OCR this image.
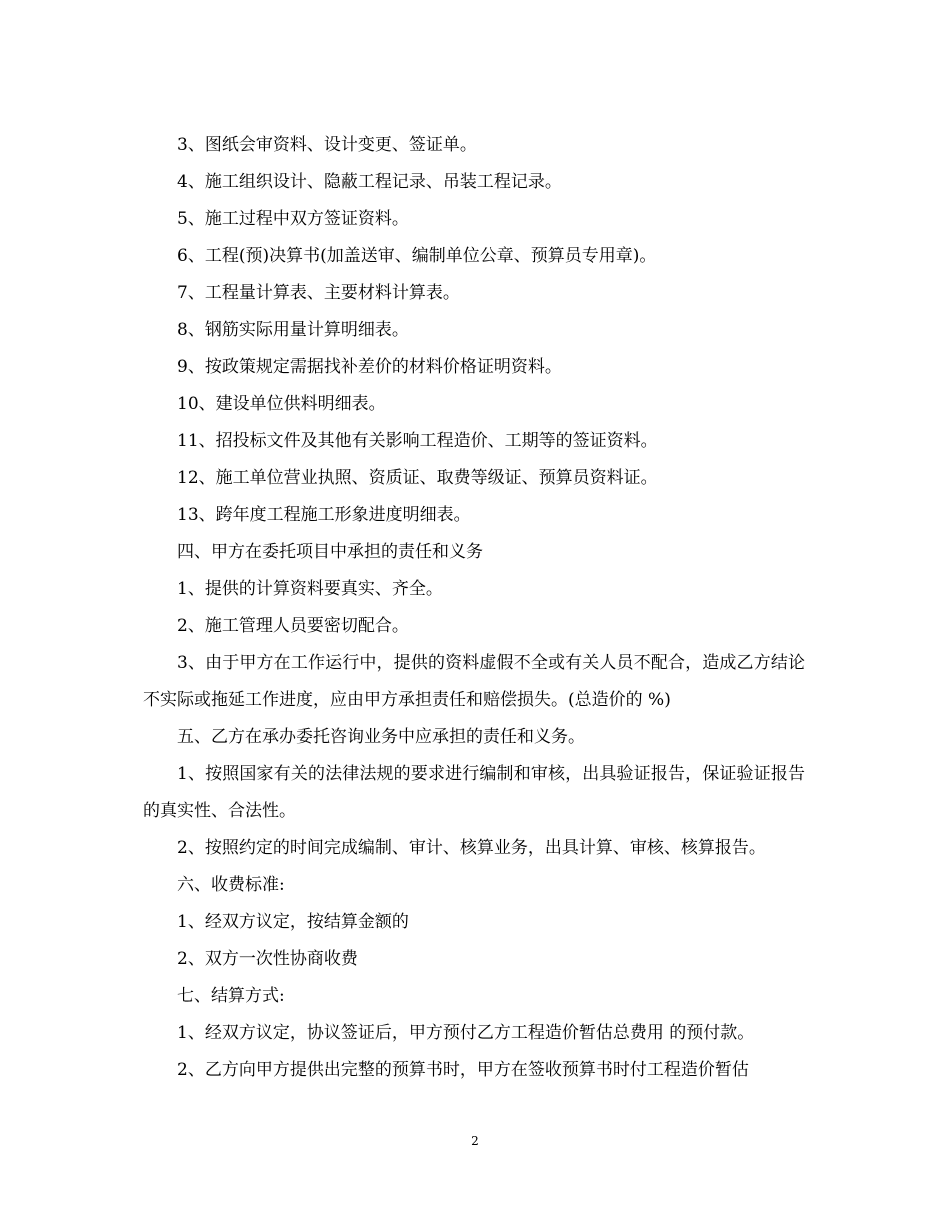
3、图纸会审资料、设计变更、签证单。

4、施工组织设计、隐蔽工程记录、吊装工程记录。

5、施工过程中双方签证资料。

6、工程(预)决算书(加盖送审、编制单位公章、预算员专用章)。

7、工程量计算表、主要材料计算表。

8、钢筋实际用量计算明细表。

9、按政策规定需据找补差价的材料价格证明资料。

10、建设单位供料明细表。

11、招投标文件及其他有关影响工程造价、工期等的签证资料。

12、施工单位营业执照、资质证、取费等级证、预算员资料证。

13、跨年度工程施工形象进度明细表。

四、甲方在委托项目中承担的责任和义务

1、提供的计算资料要真实、齐全。

2、施工管理人员要密切配合。

3、由于甲方在工作运行中，提供的资料虚假不全或有关人员不配合，造成乙方结论不实际或拖延工作进度，应由甲方承担责任和赔偿损失。(总造价的 %)

五、乙方在承办委托咨询业务中应承担的责任和义务。

1、按照国家有关的法律法规的要求进行编制和审核，出具验证报告，保证验证报告的真实性、合法性。

2、按照约定的时间完成编制、审计、核算业务，出具计算、审核、核算报告。

六、收费标准:

1、经双方议定，按结算金额的

2、双方一次性协商收费

七、结算方式:

1、经双方议定，协议签证后，甲方预付乙方工程造价暂估总费用 的预付款。

2、乙方向甲方提供出完整的预算书时，甲方在签收预算书时付工程造价暂估

2
